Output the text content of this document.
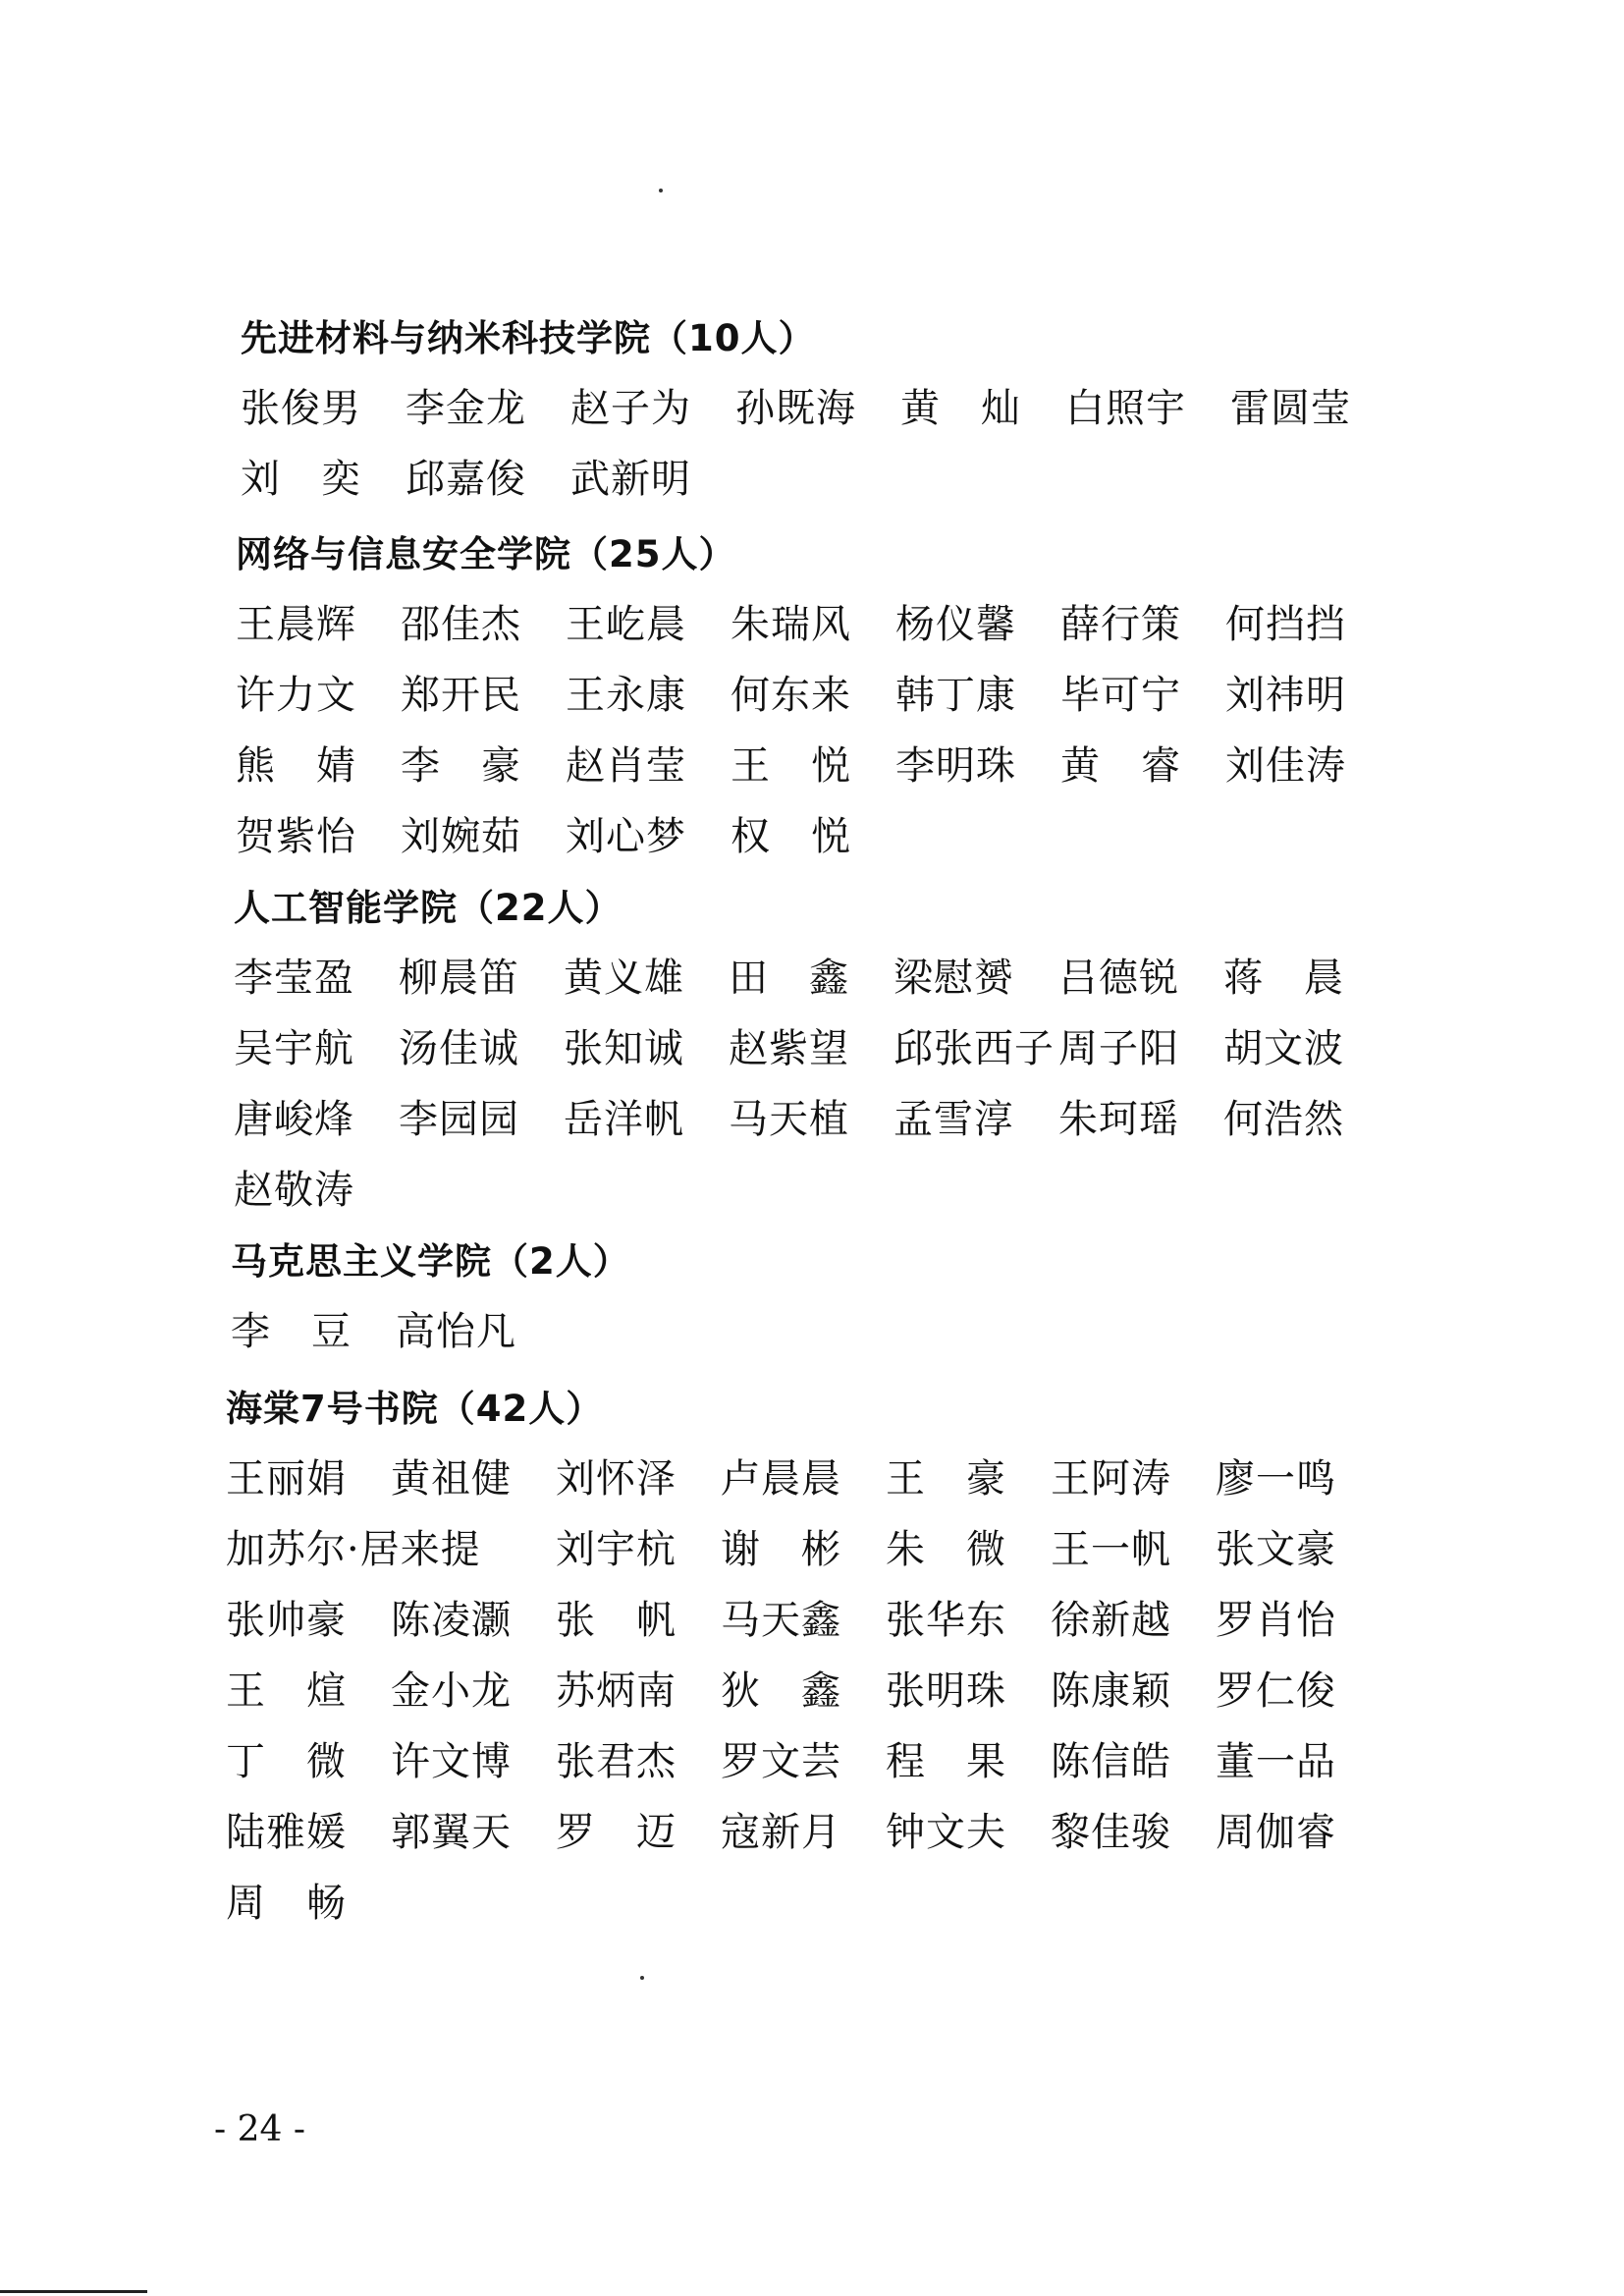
先进材料与纳米科技学院（10人）
张俊男	李金龙	赵子为	孙既海	黄　灿	白照宇	雷圆莹
刘　奕	邱嘉俊	武新明
网络与信息安全学院（25人）
王晨辉	邵佳杰	王屹晨	朱瑞风	杨仪馨	薛行策	何挡挡
许力文	郑开民	王永康	何东来	韩丁康	毕可宁	刘祎明
熊　婧	李　豪	赵肖莹	王　悦	李明珠	黄　睿	刘佳涛
贺紫怡	刘婉茹	刘心梦	权　悦
人工智能学院（22人）
李莹盈	柳晨笛	黄义雄	田　鑫	梁慰赟	吕德锐	蒋　晨
吴宇航	汤佳诚	张知诚	赵紫望	邱张西子 周子阳	胡文波
唐峻烽	李园园	岳洋帆	马天植	孟雪淳	朱珂瑶	何浩然
赵敬涛
马克思主义学院（2人）
李　豆	高怡凡
海棠7号书院（42人）
王丽娟	黄祖健	刘怀泽	卢晨晨	王　豪	王阿涛	廖一鸣
加苏尔·居来提	刘宇杭	谢　彬	朱　微	王一帆	张文豪
张帅豪	陈凌灏	张　帆	马天鑫	张华东	徐新越	罗肖怡
王　煊	金小龙	苏炳南	狄　鑫	张明珠	陈康颖	罗仁俊
丁　微	许文博	张君杰	罗文芸	程　果	陈信皓	董一品
陆雅媛	郭翼天	罗　迈	寇新月	钟文夫	黎佳骏	周伽睿
周　畅
- 24 -
